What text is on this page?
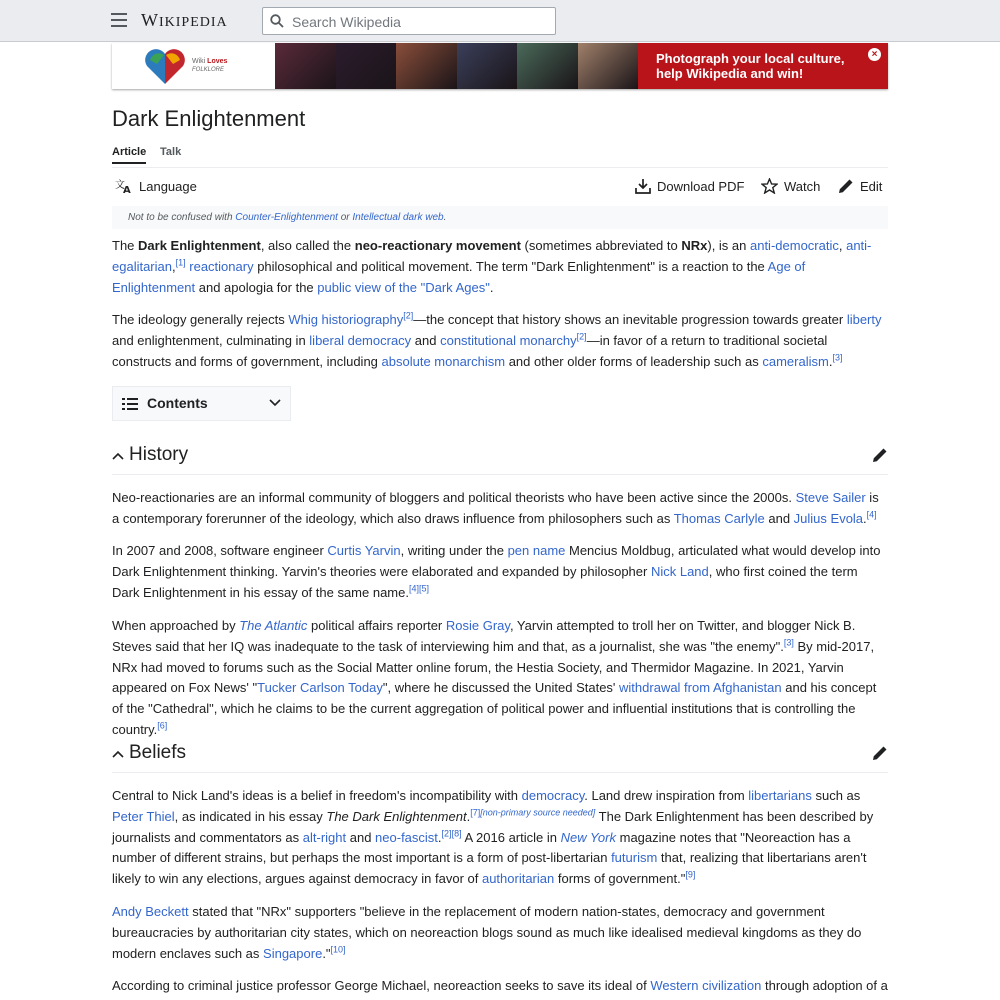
WIKIPEDIA
Search Wikipedia
Wiki Loves
FOLKLORE
Photograph your local culture, help Wikipedia and win!
×
Dark Enlightenment
Article Talk
文
A Language	Download PDF	Watch	Edit
Not to be confused with Counter-Enlightenment or Intellectual dark web.
The Dark Enlightenment, also called the neo-reactionary movement (sometimes abbreviated to NRx), is an anti-democratic, anti-egalitarian,[1] reactionary philosophical and political movement. The term "Dark Enlightenment" is a reaction to the Age of Enlightenment and apologia for the public view of the "Dark Ages".
The ideology generally rejects Whig historiography[2]—the concept that history shows an inevitable progression towards greater liberty and enlightenment, culminating in liberal democracy and constitutional monarchy[2]—in favor of a return to traditional societal constructs and forms of government, including absolute monarchism and other older forms of leadership such as cameralism.[3]
Contents
History
Neo-reactionaries are an informal community of bloggers and political theorists who have been active since the 2000s. Steve Sailer is a contemporary forerunner of the ideology, which also draws influence from philosophers such as Thomas Carlyle and Julius Evola.[4]
In 2007 and 2008, software engineer Curtis Yarvin, writing under the pen name Mencius Moldbug, articulated what would develop into Dark Enlightenment thinking. Yarvin's theories were elaborated and expanded by philosopher Nick Land, who first coined the term Dark Enlightenment in his essay of the same name.[4][5]
When approached by The Atlantic political affairs reporter Rosie Gray, Yarvin attempted to troll her on Twitter, and blogger Nick B. Steves said that her IQ was inadequate to the task of interviewing him and that, as a journalist, she was "the enemy".[3] By mid-2017, NRx had moved to forums such as the Social Matter online forum, the Hestia Society, and Thermidor Magazine. In 2021, Yarvin appeared on Fox News' "Tucker Carlson Today", where he discussed the United States' withdrawal from Afghanistan and his concept of the "Cathedral", which he claims to be the current aggregation of political power and influential institutions that is controlling the country.[6]
Beliefs
Central to Nick Land's ideas is a belief in freedom's incompatibility with democracy. Land drew inspiration from libertarians such as Peter Thiel, as indicated in his essay The Dark Enlightenment.[7][non-primary source needed] The Dark Enlightenment has been described by journalists and commentators as alt-right and neo-fascist.[2][8] A 2016 article in New York magazine notes that "Neoreaction has a number of different strains, but perhaps the most important is a form of post-libertarian futurism that, realizing that libertarians aren't likely to win any elections, argues against democracy in favor of authoritarian forms of government."[9]
Andy Beckett stated that "NRx" supporters "believe in the replacement of modern nation-states, democracy and government bureaucracies by authoritarian city states, which on neoreaction blogs sound as much like idealised medieval kingdoms as they do modern enclaves such as Singapore."[10]
According to criminal justice professor George Michael, neoreaction seeks to save its ideal of Western civilization through adoption of a
